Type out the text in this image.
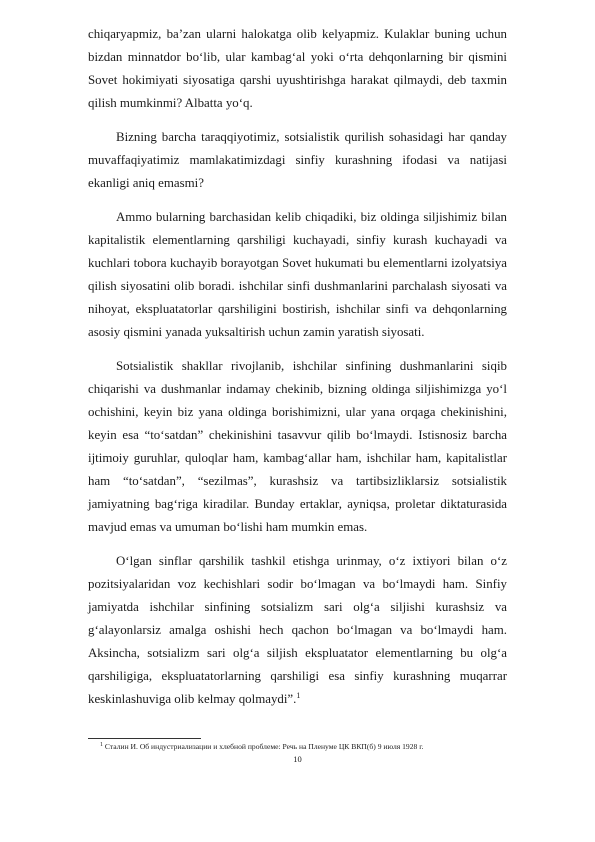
chiqaryapmiz, ba’zan ularni halokatga olib kelyapmiz. Kulaklar buning uchun bizdan minnatdor bo‘lib, ular kambag‘al yoki o‘rta dehqonlarning bir qismini Sovet hokimiyati siyosatiga qarshi uyushtirishga harakat qilmaydi, deb taxmin qilish mumkinmi? Albatta yo‘q.

Bizning barcha taraqqiyotimiz, sotsialistik qurilish sohasidagi har qanday muvaffaqiyatimiz mamlakatimizdagi sinfiy kurashning ifodasi va natijasi ekanligi aniq emasmi?

Ammo bularning barchasidan kelib chiqadiki, biz oldinga siljishimiz bilan kapitalistik elementlarning qarshiligi kuchayadi, sinfiy kurash kuchayadi va kuchlari tobora kuchayib borayotgan Sovet hukumati bu elementlarni izolyatsiya qilish siyosatini olib boradi. ishchilar sinfi dushmanlarini parchalash siyosati va nihoyat, ekspluatatorlar qarshiligini bostirish, ishchilar sinfi va dehqonlarning asosiy qismini yanada yuksaltirish uchun zamin yaratish siyosati.

Sotsialistik shakllar rivojlanib, ishchilar sinfining dushmanlarini siqib chiqarishi va dushmanlar indamay chekinib, bizning oldinga siljishimizga yo‘l ochishini, keyin biz yana oldinga borishimizni, ular yana orqaga chekinishini, keyin esa “to‘satdan” chekinishini tasavvur qilib bo‘lmaydi. Istisnosiz barcha ijtimoiy guruhlar, quloqlar ham, kambag‘allar ham, ishchilar ham, kapitalistlar ham “to‘satdan”, “sezilmas”, kurashsiz va tartibsizliklarsiz sotsialistik jamiyatning bag‘riga kiradilar. Bunday ertaklar, ayniqsa, proletar diktaturasida mavjud emas va umuman bo‘lishi ham mumkin emas.

O‘lgan sinflar qarshilik tashkil etishga urinmay, o‘z ixtiyori bilan o‘z pozitsiyalaridan voz kechishlari sodir bo‘lmagan va bo‘lmaydi ham. Sinfiy jamiyatda ishchilar sinfining sotsializm sari olg‘a siljishi kurashsiz va g‘alayonlarsiz amalga oshishi hech qachon bo‘lmagan va bo‘lmaydi ham. Aksincha, sotsializm sari olg‘a siljish ekspluatator elementlarning bu olg‘a qarshiligiga, ekspluatatorlarning qarshiligi esa sinfiy kurashning muqarrar keskinlashuviga olib kelmay qolmaydi”.$^1$

$^1$ Сталин И. Об индустриализации и хлебной проблеме: Речь на Пленуме ЦК ВКП(б) 9 июля 1928 г.
10
